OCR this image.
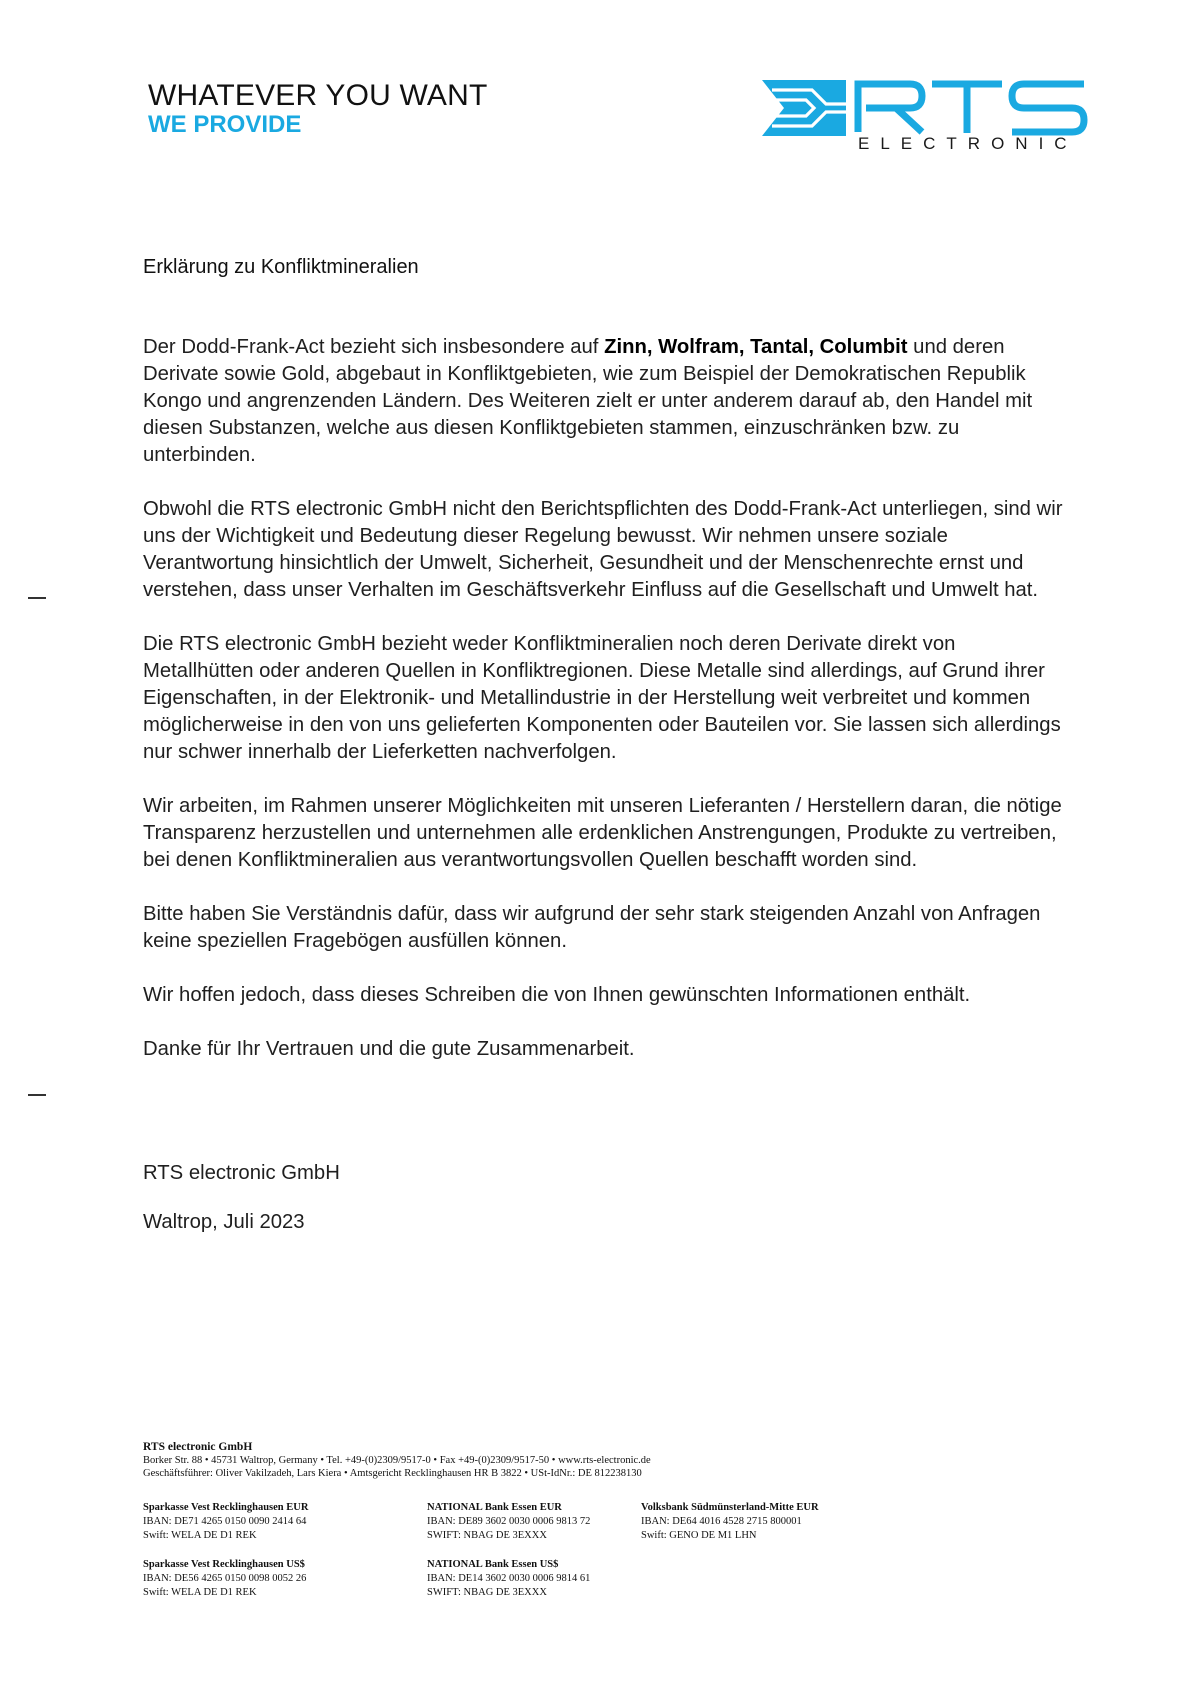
WHATEVER YOU WANT
WE PROVIDE
ELECTRONIC
Erklärung zu Konfliktmineralien

Der Dodd-Frank-Act bezieht sich insbesondere auf Zinn, Wolfram, Tantal, Columbit und deren Derivate sowie Gold, abgebaut in Konfliktgebieten, wie zum Beispiel der Demokratischen Republik Kongo und angrenzenden Ländern. Des Weiteren zielt er unter anderem darauf ab, den Handel mit diesen Substanzen, welche aus diesen Konfliktgebieten stammen, einzuschränken bzw. zu unterbinden.

Obwohl die RTS electronic GmbH nicht den Berichtspflichten des Dodd-Frank-Act unterliegen, sind wir uns der Wichtigkeit und Bedeutung dieser Regelung bewusst. Wir nehmen unsere soziale Verantwortung hinsichtlich der Umwelt, Sicherheit, Gesundheit und der Menschenrechte ernst und verstehen, dass unser Verhalten im Geschäftsverkehr Einfluss auf die Gesellschaft und Umwelt hat.

Die RTS electronic GmbH bezieht weder Konfliktmineralien noch deren Derivate direkt von Metallhütten oder anderen Quellen in Konfliktregionen. Diese Metalle sind allerdings, auf Grund ihrer Eigenschaften, in der Elektronik- und Metallindustrie in der Herstellung weit verbreitet und kommen möglicherweise in den von uns gelieferten Komponenten oder Bauteilen vor. Sie lassen sich allerdings nur schwer innerhalb der Lieferketten nachverfolgen.

Wir arbeiten, im Rahmen unserer Möglichkeiten mit unseren Lieferanten / Herstellern daran, die nötige Transparenz herzustellen und unternehmen alle erdenklichen Anstrengungen, Produkte zu vertreiben, bei denen Konfliktmineralien aus verantwortungsvollen Quellen beschafft worden sind.

Bitte haben Sie Verständnis dafür, dass wir aufgrund der sehr stark steigenden Anzahl von Anfragen keine speziellen Fragebögen ausfüllen können.

Wir hoffen jedoch, dass dieses Schreiben die von Ihnen gewünschten Informationen enthält.

Danke für Ihr Vertrauen und die gute Zusammenarbeit.

RTS electronic GmbH
Waltrop, Juli 2023
RTS electronic GmbH
Borker Str. 88 • 45731 Waltrop, Germany • Tel. +49-(0)2309/9517-0 • Fax +49-(0)2309/9517-50 • www.rts-electronic.de
Geschäftsführer: Oliver Vakilzadeh, Lars Kiera • Amtsgericht Recklinghausen HR B 3822 • USt-IdNr.: DE 812238130
Sparkasse Vest Recklinghausen EUR
IBAN: DE71 4265 0150 0090 2414 64
Swift: WELA DE D1 REK
NATIONAL Bank Essen EUR
IBAN: DE89 3602 0030 0006 9813 72
SWIFT: NBAG DE 3EXXX
Volksbank Südmünsterland-Mitte EUR
IBAN: DE64 4016 4528 2715 800001
Swift: GENO DE M1 LHN
Sparkasse Vest Recklinghausen US$
IBAN: DE56 4265 0150 0098 0052 26
Swift: WELA DE D1 REK
NATIONAL Bank Essen US$
IBAN: DE14 3602 0030 0006 9814 61
SWIFT: NBAG DE 3EXXX
